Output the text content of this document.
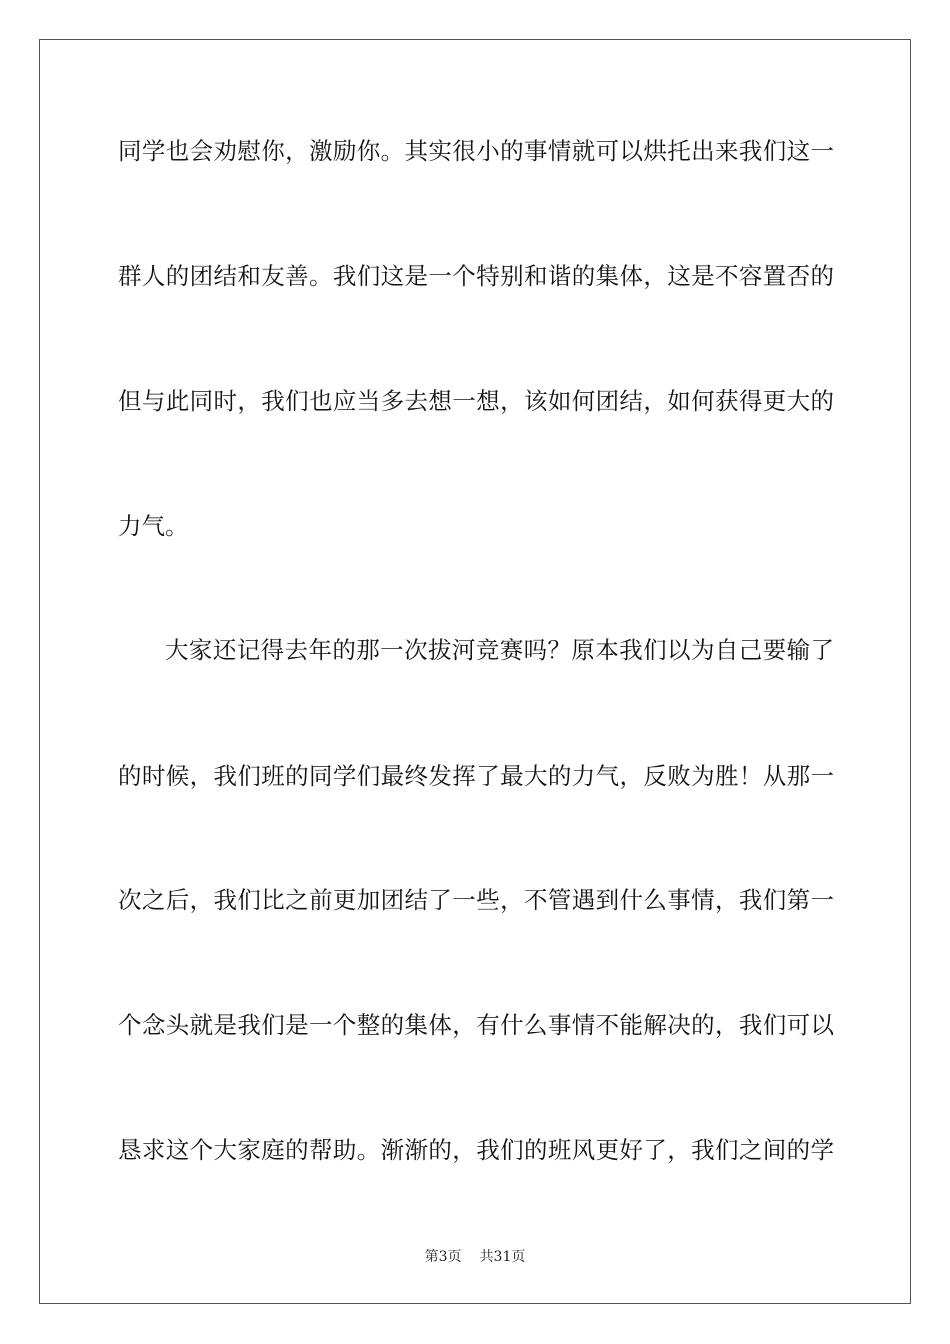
同学也会劝慰你，激励你。其实很小的事情就可以烘托出来我们这一
群人的团结和友善。我们这是一个特别和谐的集体，这是不容置否的
但与此同时，我们也应当多去想一想，该如何团结，如何获得更大的
力气。
大家还记得去年的那一次拔河竞赛吗？原本我们以为自己要输了
的时候，我们班的同学们最终发挥了最大的力气，反败为胜！从那一
次之后，我们比之前更加团结了一些，不管遇到什么事情，我们第一
个念头就是我们是一个整的集体，有什么事情不能解决的，我们可以
恳求这个大家庭的帮助。渐渐的，我们的班风更好了，我们之间的学
第3页 共31页
